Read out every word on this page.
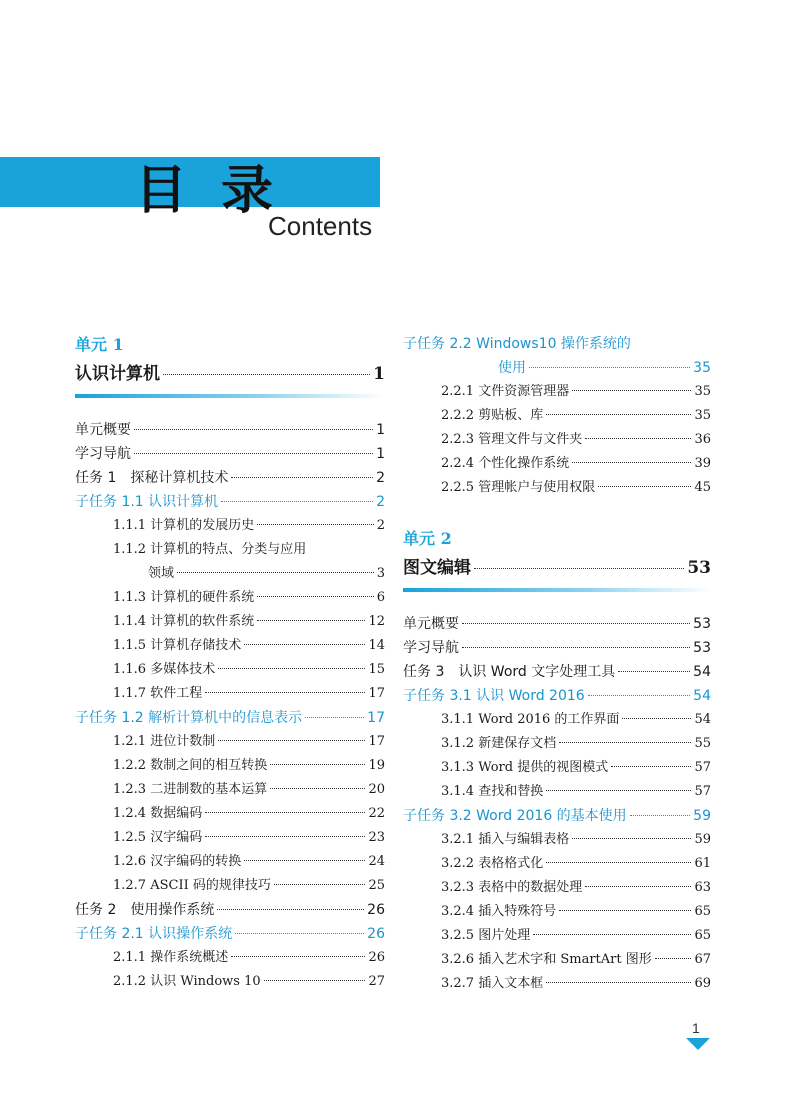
目录
Contents
单元 1
认识计算机	1
单元概要	1
学习导航	1
任务 1　探秘计算机技术	2
子任务 1.1 认识计算机	2
1.1.1 计算机的发展历史	2
1.1.2 计算机的特点、分类与应用
领域	3
1.1.3 计算机的硬件系统	6
1.1.4 计算机的软件系统	12
1.1.5 计算机存储技术	14
1.1.6 多媒体技术	15
1.1.7 软件工程	17
子任务 1.2 解析计算机中的信息表示	17
1.2.1 进位计数制	17
1.2.2 数制之间的相互转换	19
1.2.3 二进制数的基本运算	20
1.2.4 数据编码	22
1.2.5 汉字编码	23
1.2.6 汉字编码的转换	24
1.2.7 ASCII 码的规律技巧	25
任务 2　使用操作系统	26
子任务 2.1 认识操作系统	26
2.1.1 操作系统概述	26
2.1.2 认识 Windows 10	27
子任务 2.2 Windows10 操作系统的
使用	35
2.2.1 文件资源管理器	35
2.2.2 剪贴板、库	35
2.2.3 管理文件与文件夹	36
2.2.4 个性化操作系统	39
2.2.5 管理帐户与使用权限	45
单元 2
图文编辑	53
单元概要	53
学习导航	53
任务 3　认识 Word 文字处理工具	54
子任务 3.1 认识 Word 2016	54
3.1.1 Word 2016 的工作界面	54
3.1.2 新建保存文档	55
3.1.3 Word 提供的视图模式	57
3.1.4 查找和替换	57
子任务 3.2 Word 2016 的基本使用	59
3.2.1 插入与编辑表格	59
3.2.2 表格格式化	61
3.2.3 表格中的数据处理	63
3.2.4 插入特殊符号	65
3.2.5 图片处理	65
3.2.6 插入艺术字和 SmartArt 图形	67
3.2.7 插入文本框	69
1
